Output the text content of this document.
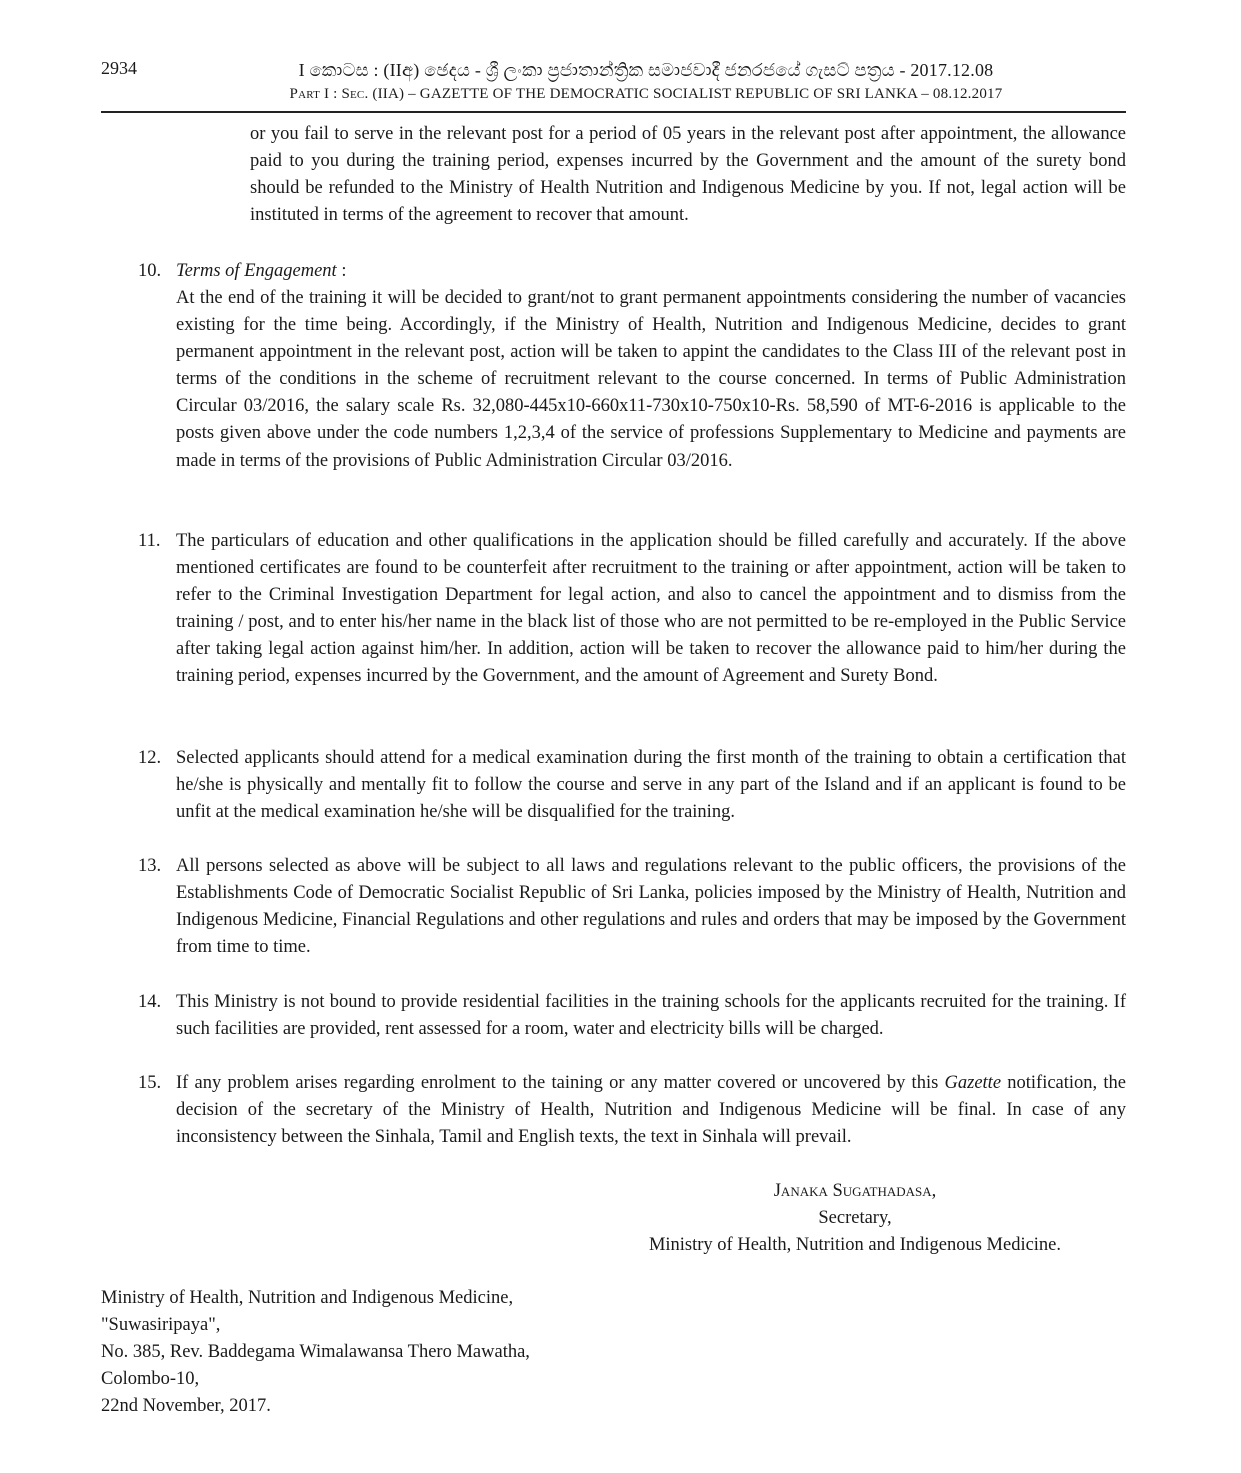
2934	I කොටස : (IIඅ) ඡෙදය - ශ්‍රී ලංකා ප්‍රජාතාන්ත්‍රික සමාජවාදී ජනරජයේ ගැසට් පත්‍රය - 2017.12.08
Part I : Sec. (IIA) – GAZETTE OF THE DEMOCRATIC SOCIALIST REPUBLIC OF SRI LANKA – 08.12.2017
or you fail to serve in the relevant post for a period of 05 years in the relevant post after appointment, the allowance paid to you during the training period, expenses incurred by the Government and the amount of the surety bond should be refunded to the Ministry of Health Nutrition and Indigenous Medicine by you. If not, legal action will be instituted in terms of the agreement to recover that amount.
10. Terms of Engagement :
At the end of the training it will be decided to grant/not to grant permanent appointments considering the number of vacancies existing for the time being. Accordingly, if the Ministry of Health, Nutrition and Indigenous Medicine, decides to grant permanent appointment in the relevant post, action will be taken to appint the candidates to the Class III of the relevant post in terms of the conditions in the scheme of recruitment relevant to the course concerned. In terms of Public Administration Circular 03/2016, the salary scale Rs. 32,080-445x10-660x11-730x10-750x10-Rs. 58,590 of MT-6-2016 is applicable to the posts given above under the code numbers 1,2,3,4 of the service of professions Supplementary to Medicine and payments are made in terms of the provisions of Public Administration Circular 03/2016.
11. The particulars of education and other qualifications in the application should be filled carefully and accurately. If the above mentioned certificates are found to be counterfeit after recruitment to the training or after appointment, action will be taken to refer to the Criminal Investigation Department for legal action, and also to cancel the appointment and to dismiss from the training / post, and to enter his/her name in the black list of those who are not permitted to be re-employed in the Public Service after taking legal action against him/her. In addition, action will be taken to recover the allowance paid to him/her during the training period, expenses incurred by the Government, and the amount of Agreement and Surety Bond.
12. Selected applicants should attend for a medical examination during the first month of the training to obtain a certification that he/she is physically and mentally fit to follow the course and serve in any part of the Island and if an applicant is found to be unfit at the medical examination he/she will be disqualified for the training.
13. All persons selected as above will be subject to all laws and regulations relevant to the public officers, the provisions of the Establishments Code of Democratic Socialist Republic of Sri Lanka, policies imposed by the Ministry of Health, Nutrition and Indigenous Medicine, Financial Regulations and other regulations and rules and orders that may be imposed by the Government from time to time.
14. This Ministry is not bound to provide residential facilities in the training schools for the applicants recruited for the training. If such facilities are provided, rent assessed for a room, water and electricity bills will be charged.
15. If any problem arises regarding enrolment to the taining or any matter covered or uncovered by this Gazette notification, the decision of the secretary of the Ministry of Health, Nutrition and Indigenous Medicine will be final. In case of any inconsistency between the Sinhala, Tamil and English texts, the text in Sinhala will prevail.
Janaka Sugathadasa,
Secretary,
Ministry of Health, Nutrition and Indigenous Medicine.
Ministry of Health, Nutrition and Indigenous Medicine,
"Suwasiripaya",
No. 385, Rev. Baddegama Wimalawansa Thero Mawatha,
Colombo-10,
22nd November, 2017.
